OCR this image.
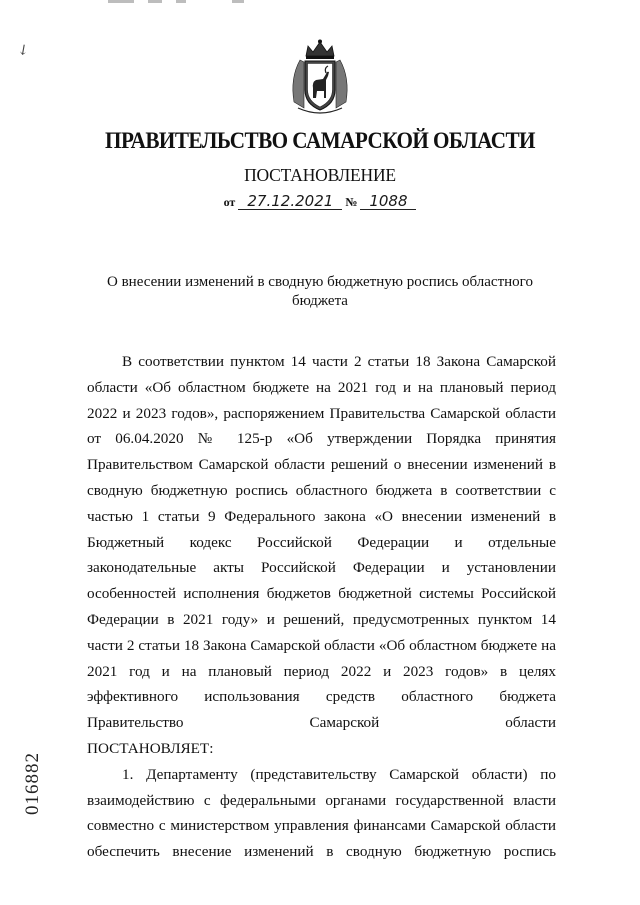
↙
ПРАВИТЕЛЬСТВО САМАРСКОЙ ОБЛАСТИ
ПОСТАНОВЛЕНИЕ
от 27.12.2021 № 1088
О внесении изменений в сводную бюджетную роспись областного бюджета

В соответствии пунктом 14 части 2 статьи 18 Закона Самарской области «Об областном бюджете на 2021 год и на плановый период 2022 и 2023 годов», распоряжением Правительства Самарской области от 06.04.2020 № 125-р «Об утверждении Порядка принятия Правительством Самарской области решений о внесении изменений в сводную бюджетную роспись областного бюджета в соответствии с частью 1 статьи 9 Федерального закона «О внесении изменений в Бюджетный кодекс Российской Федерации и отдельные законодательные акты Российской Федерации и установлении особенностей исполнения бюджетов бюджетной системы Российской Федерации в 2021 году» и решений, предусмотренных пунктом 14 части 2 статьи 18 Закона Самарской области «Об областном бюджете на 2021 год и на плановый период 2022 и 2023 годов» в целях эффективного использования средств областного бюджета Правительство Самарской области

ПОСТАНОВЛЯЕТ:

1. Департаменту (представительству Самарской области) по взаимодействию с федеральными органами государственной власти совместно с министерством управления финансами Самарской области обеспечить внесение изменений в сводную бюджетную роспись

016882
